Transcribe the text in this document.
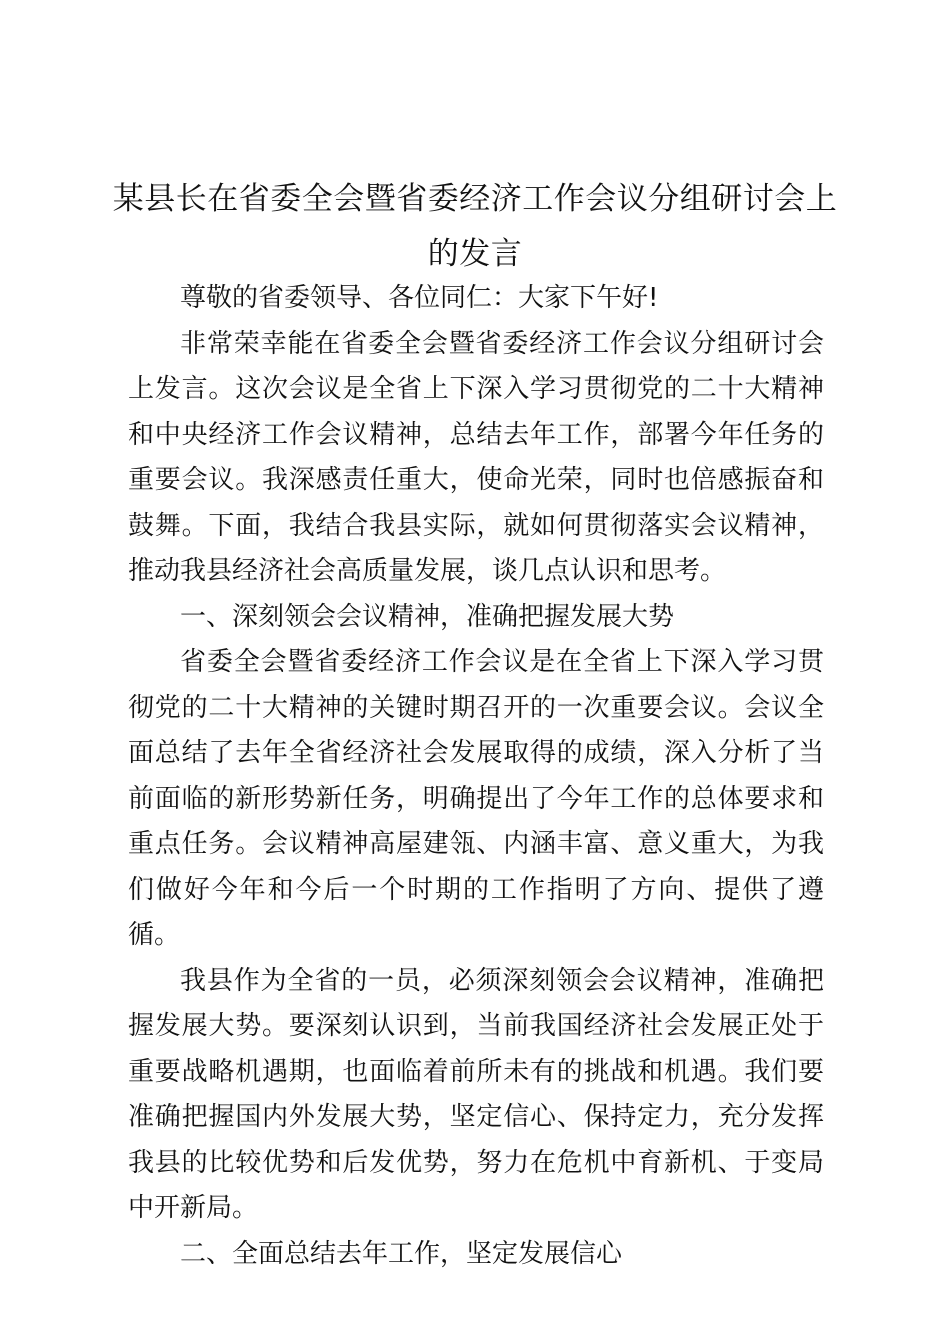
某县长在省委全会暨省委经济工作会议分组研讨会上的发言

尊敬的省委领导、各位同仁：大家下午好!

非常荣幸能在省委全会暨省委经济工作会议分组研讨会上发言。这次会议是全省上下深入学习贯彻党的二十大精神和中央经济工作会议精神，总结去年工作，部署今年任务的重要会议。我深感责任重大，使命光荣，同时也倍感振奋和鼓舞。下面，我结合我县实际，就如何贯彻落实会议精神，推动我县经济社会高质量发展，谈几点认识和思考。

一、深刻领会会议精神，准确把握发展大势

省委全会暨省委经济工作会议是在全省上下深入学习贯彻党的二十大精神的关键时期召开的一次重要会议。会议全面总结了去年全省经济社会发展取得的成绩，深入分析了当前面临的新形势新任务，明确提出了今年工作的总体要求和重点任务。会议精神高屋建瓴、内涵丰富、意义重大，为我们做好今年和今后一个时期的工作指明了方向、提供了遵循。

我县作为全省的一员，必须深刻领会会议精神，准确把握发展大势。要深刻认识到，当前我国经济社会发展正处于重要战略机遇期，也面临着前所未有的挑战和机遇。我们要准确把握国内外发展大势，坚定信心、保持定力，充分发挥我县的比较优势和后发优势，努力在危机中育新机、于变局中开新局。

二、全面总结去年工作，坚定发展信心
